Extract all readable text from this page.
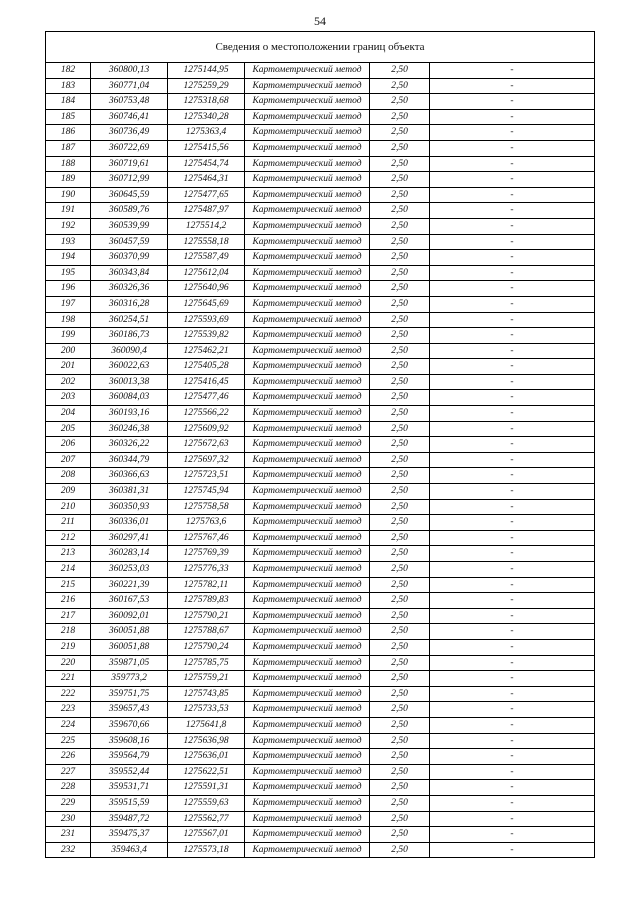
54
Сведения о местоположении границ объекта					
182	360800,13	1275144,95	Картометрический метод	2,50	-
183	360771,04	1275259,29	Картометрический метод	2,50	-
184	360753,48	1275318,68	Картометрический метод	2,50	-
185	360746,41	1275340,28	Картометрический метод	2,50	-
186	360736,49	1275363,4	Картометрический метод	2,50	-
187	360722,69	1275415,56	Картометрический метод	2,50	-
188	360719,61	1275454,74	Картометрический метод	2,50	-
189	360712,99	1275464,31	Картометрический метод	2,50	-
190	360645,59	1275477,65	Картометрический метод	2,50	-
191	360589,76	1275487,97	Картометрический метод	2,50	-
192	360539,99	1275514,2	Картометрический метод	2,50	-
193	360457,59	1275558,18	Картометрический метод	2,50	-
194	360370,99	1275587,49	Картометрический метод	2,50	-
195	360343,84	1275612,04	Картометрический метод	2,50	-
196	360326,36	1275640,96	Картометрический метод	2,50	-
197	360316,28	1275645,69	Картометрический метод	2,50	-
198	360254,51	1275593,69	Картометрический метод	2,50	-
199	360186,73	1275539,82	Картометрический метод	2,50	-
200	360090,4	1275462,21	Картометрический метод	2,50	-
201	360022,63	1275405,28	Картометрический метод	2,50	-
202	360013,38	1275416,45	Картометрический метод	2,50	-
203	360084,03	1275477,46	Картометрический метод	2,50	-
204	360193,16	1275566,22	Картометрический метод	2,50	-
205	360246,38	1275609,92	Картометрический метод	2,50	-
206	360326,22	1275672,63	Картометрический метод	2,50	-
207	360344,79	1275697,32	Картометрический метод	2,50	-
208	360366,63	1275723,51	Картометрический метод	2,50	-
209	360381,31	1275745,94	Картометрический метод	2,50	-
210	360350,93	1275758,58	Картометрический метод	2,50	-
211	360336,01	1275763,6	Картометрический метод	2,50	-
212	360297,41	1275767,46	Картометрический метод	2,50	-
213	360283,14	1275769,39	Картометрический метод	2,50	-
214	360253,03	1275776,33	Картометрический метод	2,50	-
215	360221,39	1275782,11	Картометрический метод	2,50	-
216	360167,53	1275789,83	Картометрический метод	2,50	-
217	360092,01	1275790,21	Картометрический метод	2,50	-
218	360051,88	1275788,67	Картометрический метод	2,50	-
219	360051,88	1275790,24	Картометрический метод	2,50	-
220	359871,05	1275785,75	Картометрический метод	2,50	-
221	359773,2	1275759,21	Картометрический метод	2,50	-
222	359751,75	1275743,85	Картометрический метод	2,50	-
223	359657,43	1275733,53	Картометрический метод	2,50	-
224	359670,66	1275641,8	Картометрический метод	2,50	-
225	359608,16	1275636,98	Картометрический метод	2,50	-
226	359564,79	1275636,01	Картометрический метод	2,50	-
227	359552,44	1275622,51	Картометрический метод	2,50	-
228	359531,71	1275591,31	Картометрический метод	2,50	-
229	359515,59	1275559,63	Картометрический метод	2,50	-
230	359487,72	1275562,77	Картометрический метод	2,50	-
231	359475,37	1275567,01	Картометрический метод	2,50	-
232	359463,4	1275573,18	Картометрический метод	2,50	-
